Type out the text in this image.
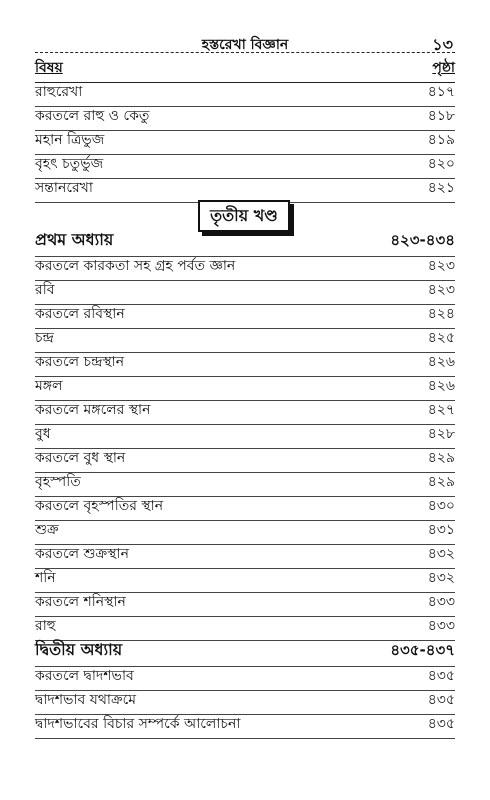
হস্তরেখা বিজ্ঞান	১৩
বিষয়	পৃষ্ঠা
রাহুরেখা	৪১৭
করতলে রাহু ও কেতু	৪১৮
মহান ত্রিভুজ	৪১৯
বৃহৎ চতুর্ভুজ	৪২০
সন্তানরেখা	৪২১
তৃতীয় খণ্ড
প্রথম অধ্যায়	৪২৩-৪৩৪
করতলে কারকতা সহ গ্রহ পর্বত জ্ঞান	৪২৩
রবি	৪২৩
করতলে রবিস্থান	৪২৪
চন্দ্র	৪২৫
করতলে চন্দ্রস্থান	৪২৬
মঙ্গল	৪২৬
করতলে মঙ্গলের স্থান	৪২৭
বুধ	৪২৮
করতলে বুধ স্থান	৪২৯
বৃহস্পতি	৪২৯
করতলে বৃহস্পতির স্থান	৪৩০
শুক্র	৪৩১
করতলে শুক্রস্থান	৪৩২
শনি	৪৩২
করতলে শনিস্থান	৪৩৩
রাহু	৪৩৩
দ্বিতীয় অধ্যায়	৪৩৫-৪৩৭
করতলে দ্বাদশভাব	৪৩৫
দ্বাদশভাব যথাক্রমে	৪৩৫
দ্বাদশভাবের বিচার সম্পর্কে আলোচনা	৪৩৫
